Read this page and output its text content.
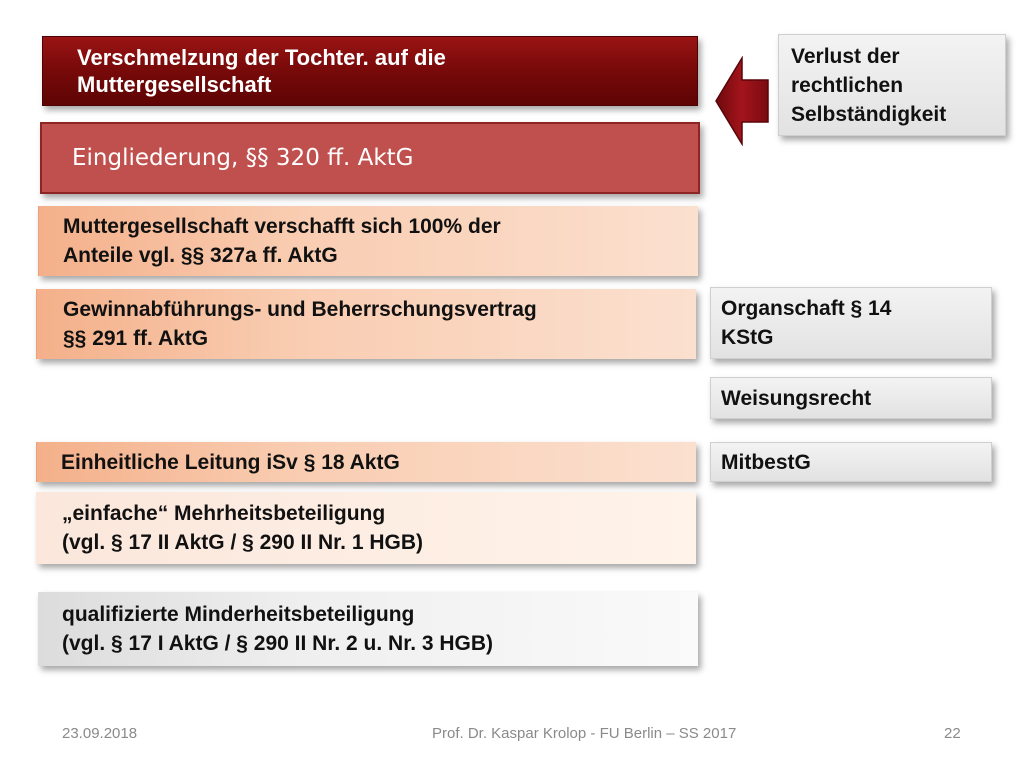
Verschmelzung der Tochter. auf die
Muttergesellschaft
Eingliederung, §§ 320 ff. AktG
Muttergesellschaft verschafft sich 100% der
Anteile vgl. §§ 327a ff. AktG
Gewinnabführungs- und Beherrschungsvertrag
§§ 291 ff. AktG
Einheitliche Leitung iSv § 18 AktG
„einfache“ Mehrheitsbeteiligung
(vgl. § 17 II AktG / § 290 II Nr. 1 HGB)
qualifizierte Minderheitsbeteiligung
(vgl. § 17 I AktG / § 290 II Nr. 2 u. Nr. 3 HGB)
Verlust der
rechtlichen
Selbständigkeit
Organschaft § 14
KStG
Weisungsrecht
MitbestG
23.09.2018	Prof. Dr. Kaspar Krolop - FU Berlin – SS 2017	22
